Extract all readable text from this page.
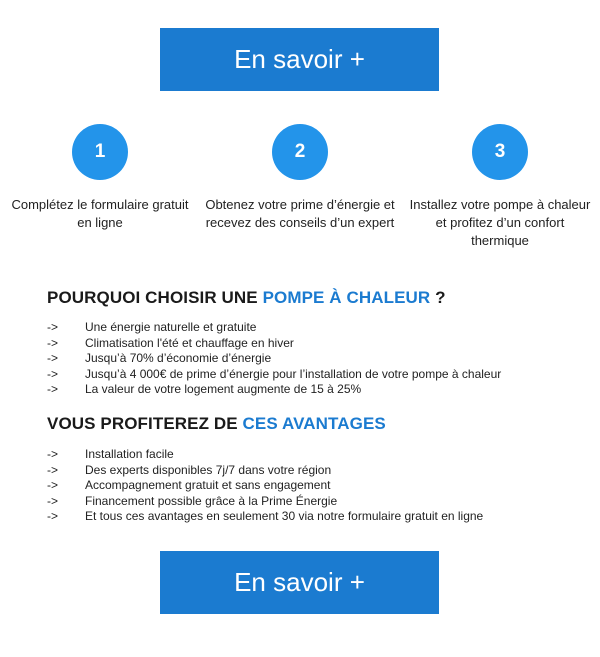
En savoir +
1
Complétez le formulaire gratuit en ligne
2
Obtenez votre prime d’énergie et recevez des conseils d’un expert
3
Installez votre pompe à chaleur et profitez d’un confort thermique
POURQUOI CHOISIR UNE POMPE À CHALEUR ?
->	Une énergie naturelle et gratuite
->	Climatisation l'été et chauffage en hiver
->	Jusqu’à 70% d’économie d’énergie
->	Jusqu’à 4 000€ de prime d’énergie pour l’installation de votre pompe à chaleur
->	La valeur de votre logement augmente de 15 à 25%
VOUS PROFITEREZ DE CES AVANTAGES
->	Installation facile
->	Des experts disponibles 7j/7 dans votre région
->	Accompagnement gratuit et sans engagement
->	Financement possible grâce à la Prime Énergie
->	Et tous ces avantages en seulement 30 via notre formulaire gratuit en ligne
En savoir +
